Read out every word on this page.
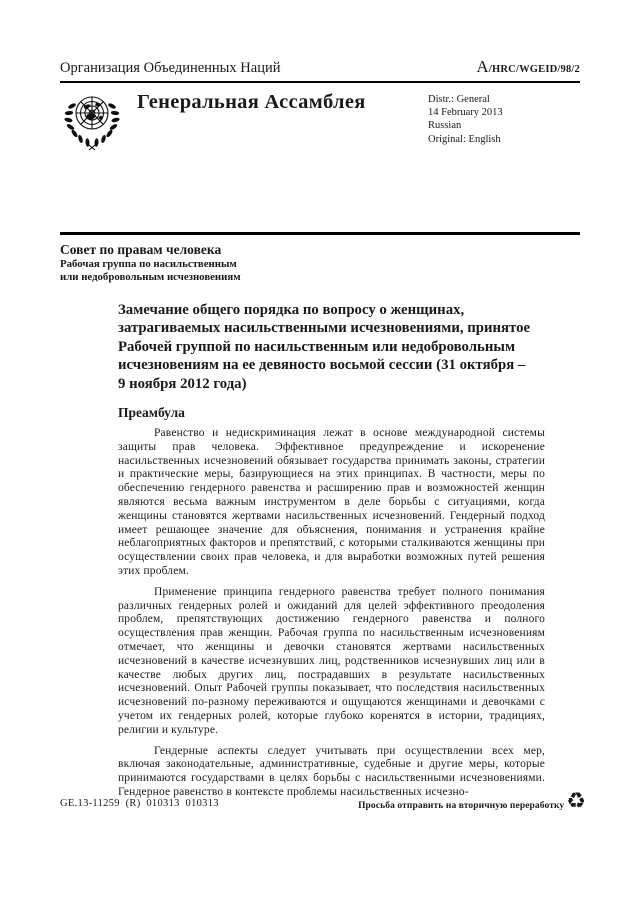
Организация Объединенных Наций	A/HRC/WGEID/98/2
Генеральная Ассамблея	Distr.: General
14 February 2013
Russian
Original: English
Совет по правам человека
Рабочая группа по насильственным
или недобровольным исчезновениям
Замечание общего порядка по вопросу о женщинах, затрагиваемых насильственными исчезновениями, принятое Рабочей группой по насильственным или недобровольным исчезновениям на ее девяносто восьмой сессии (31 октября – 9 ноября 2012 года)
Преамбула

Равенство и недискриминация лежат в основе международной системы защиты прав человека. Эффективное предупреждение и искоренение насильственных исчезновений обязывает государства принимать законы, стратегии и практические меры, базирующиеся на этих принципах. В частности, меры по обеспечению гендерного равенства и расширению прав и возможностей женщин являются весьма важным инструментом в деле борьбы с ситуациями, когда женщины становятся жертвами насильственных исчезновений. Гендерный подход имеет решающее значение для объяснения, понимания и устранения крайне неблагоприятных факторов и препятствий, с которыми сталкиваются женщины при осуществлении своих прав человека, и для выработки возможных путей решения этих проблем.

Применение принципа гендерного равенства требует полного понимания различных гендерных ролей и ожиданий для целей эффективного преодоления проблем, препятствующих достижению гендерного равенства и полного осуществления прав женщин. Рабочая группа по насильственным исчезновениям отмечает, что женщины и девочки становятся жертвами насильственных исчезновений в качестве исчезнувших лиц, родственников исчезнувших лиц или в качестве любых других лиц, пострадавших в результате насильственных исчезновений. Опыт Рабочей группы показывает, что последствия насильственных исчезновений по-разному переживаются и ощущаются женщинами и девочками с учетом их гендерных ролей, которые глубоко коренятся в истории, традициях, религии и культуре.

Гендерные аспекты следует учитывать при осуществлении всех мер, включая законодательные, административные, судебные и другие меры, которые принимаются государствами в целях борьбы с насильственными исчезновениями. Гендерное равенство в контексте проблемы насильственных исчезно-

GE.13-11259  (R)  010313  010313	Просьба отправить на вторичную переработку ♻
